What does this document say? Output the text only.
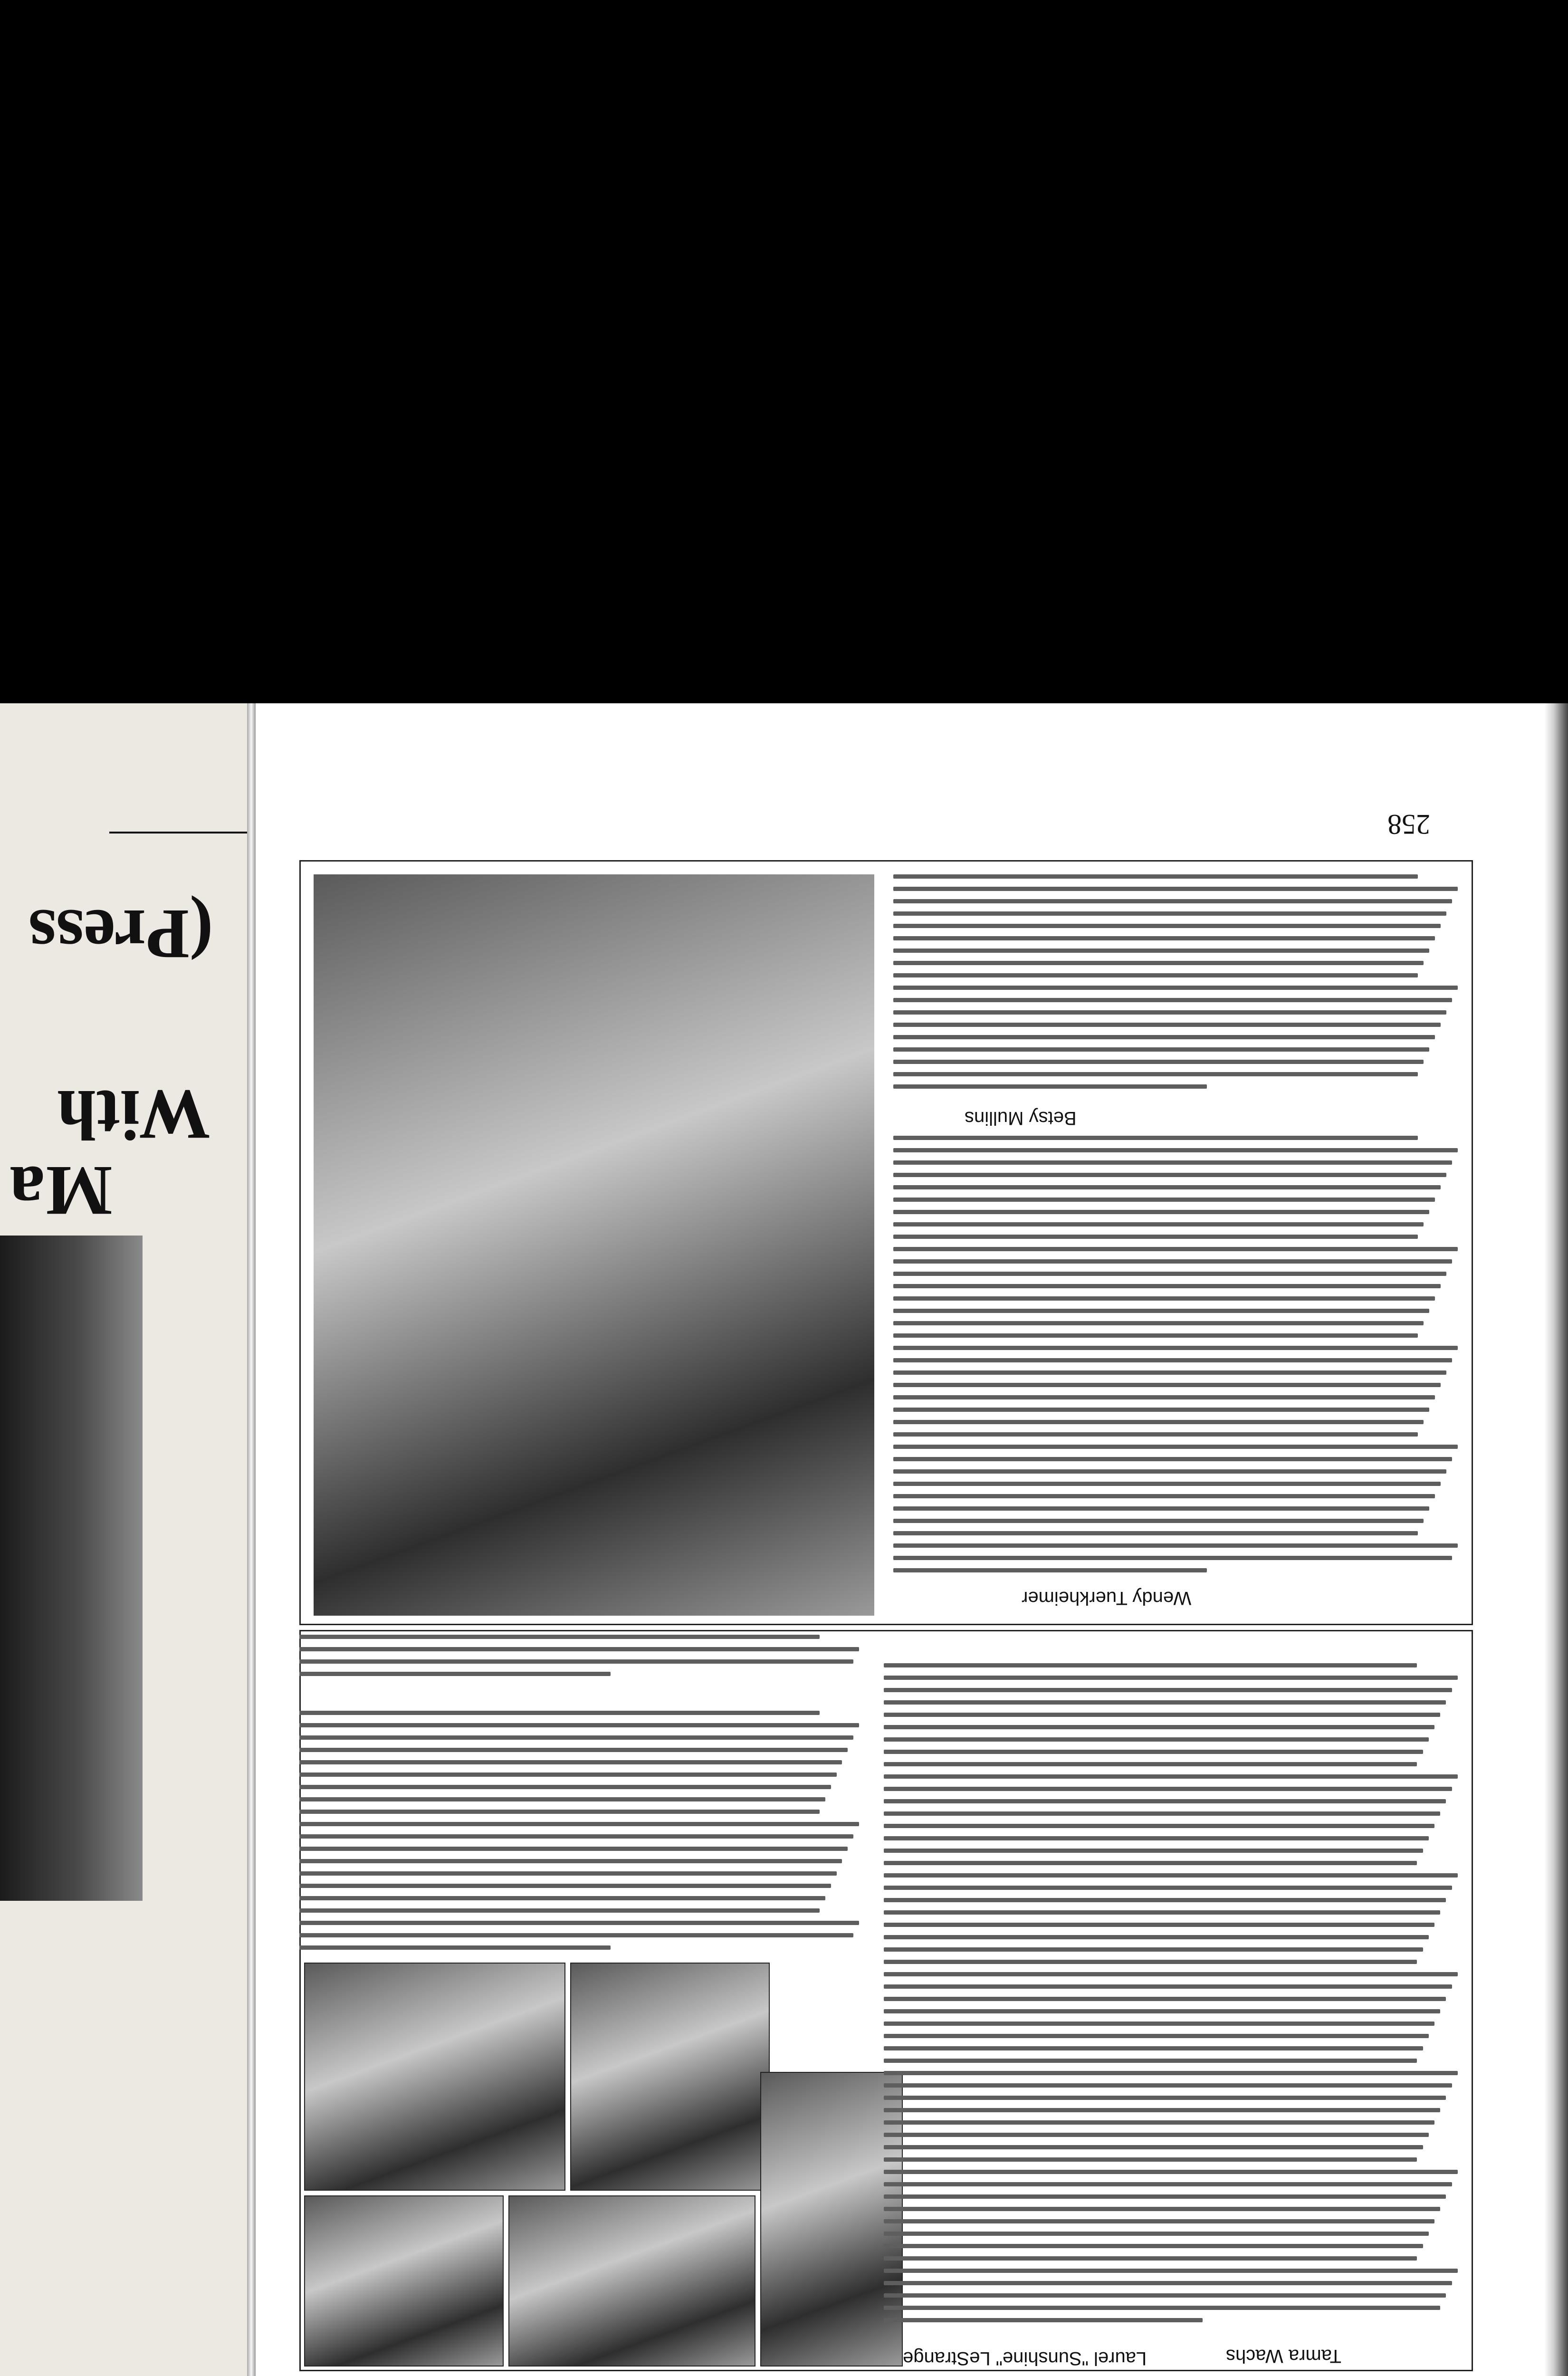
(Press
With
Ma
258
Wendy Tuerkheimer
Betsy Mullins
Tamra Wachs
Laurel "Sunshine" LeStrange
